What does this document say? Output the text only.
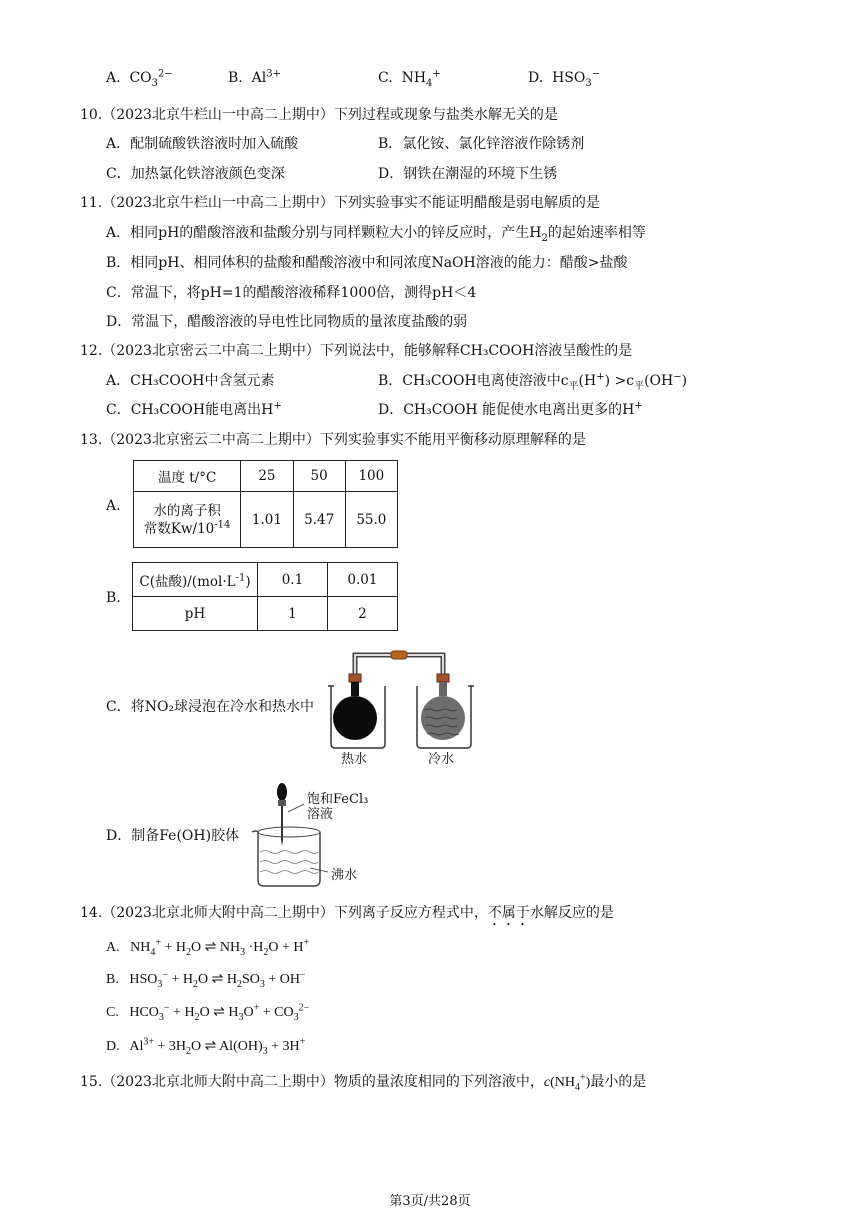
A.  $CO_3^{2-}$	B.  $Al^{3+}$	C.  $NH_4^+$	D.  $HSO_3^-$
10.（2023北京牛栏山一中高二上期中）下列过程或现象与盐类水解无关的是
A．配制硫酸铁溶液时加入硫酸	B．氯化铵、氯化锌溶液作除锈剂
C．加热氯化铁溶液颜色变深	D．钢铁在潮湿的环境下生锈
11.（2023北京牛栏山一中高二上期中）下列实验事实不能证明醋酸是弱电解质的是
A．相同pH的醋酸溶液和盐酸分别与同样颗粒大小的锌反应时，产生$H_2$的起始速率相等
B．相同pH、相同体积的盐酸和醋酸溶液中和同浓度NaOH溶液的能力：醋酸>盐酸
C．常温下，将pH=1的醋酸溶液稀释1000倍，测得pH＜4
D．常温下，醋酸溶液的导电性比同物质的量浓度盐酸的弱
12.（2023北京密云二中高二上期中）下列说法中，能够解释CH₃COOH溶液呈酸性的是
A．CH₃COOH中含氢元素	B．CH₃COOH电离使溶液中$c_平(H^+) >c_平(OH^-)$
C．CH₃COOH能电离出H+	D．CH₃COOH 能促使水电离出更多的H+
13.（2023北京密云二中高二上期中）下列实验事实不能用平衡移动原理解释的是
A.
温度 t/°C	25	50	100
水的离子积
常数$Kw/10^{-14}$	1.01	5.47	55.0
B.
C(盐酸)$/(mol\cdot L^{-1})$	0.1	0.01
pH	1	2
C．将NO₂球浸泡在冷水和热水中
热水	冷水
D．制备Fe(OH)胶体
饱和FeCl₃
溶液
沸水
14.（2023北京北师大附中高二上期中）下列离子反应方程式中，不属于水解反应的是
A.   $NH_4^+ + H_2O$ ⇌ $NH_3 \cdot H_2O + H^+$
B.   $HSO_3^- + H_2O$ ⇌ $H_2SO_3 + OH^-$
C.   $HCO_3^- + H_2O$ ⇌ $H_3O^+ + CO_3^{2-}$
D.   $Al^{3+} + 3H_2O$ ⇌ $Al(OH)_3 + 3H^+$
15.（2023北京北师大附中高二上期中）物质的量浓度相同的下列溶液中，$c(NH_4^+)$最小的是
第3页/共28页
